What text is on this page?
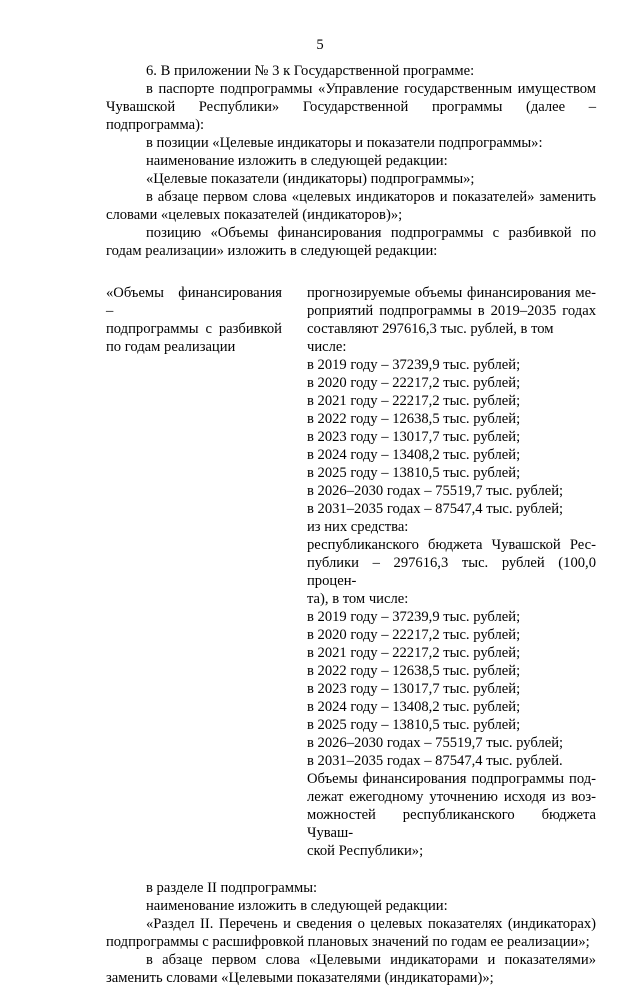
5

6. В приложении № 3 к Государственной программе:

в паспорте подпрограммы «Управление государственным имуществом Чувашской Республики» Государственной программы (далее – подпрограмма):

в позиции «Целевые индикаторы и показатели подпрограммы»:

наименование изложить в следующей редакции:

«Целевые показатели (индикаторы) подпрограммы»;

в абзаце первом слова «целевых индикаторов и показателей» заменить словами «целевых показателей (индикаторов)»;

позицию «Объемы финансирования подпрограммы с разбивкой по годам реализации» изложить в следующей редакции:

«Объемы финансирования –

подпрограммы с разбивкой

по годам реализации

прогнозируемые объемы финансирования ме-

роприятий подпрограммы в 2019–2035 годах

составляют 297616,3 тыс. рублей, в том числе:

в 2019 году – 37239,9 тыс. рублей;

в 2020 году – 22217,2 тыс. рублей;

в 2021 году – 22217,2 тыс. рублей;

в 2022 году – 12638,5 тыс. рублей;

в 2023 году – 13017,7 тыс. рублей;

в 2024 году – 13408,2 тыс. рублей;

в 2025 году – 13810,5 тыс. рублей;

в 2026–2030 годах – 75519,7 тыс. рублей;

в 2031–2035 годах – 87547,4 тыс. рублей;

из них средства:

республиканского бюджета Чувашской Рес-

публики – 297616,3 тыс. рублей (100,0 процен-

та), в том числе:

в 2019 году – 37239,9 тыс. рублей;

в 2020 году – 22217,2 тыс. рублей;

в 2021 году – 22217,2 тыс. рублей;

в 2022 году – 12638,5 тыс. рублей;

в 2023 году – 13017,7 тыс. рублей;

в 2024 году – 13408,2 тыс. рублей;

в 2025 году – 13810,5 тыс. рублей;

в 2026–2030 годах – 75519,7 тыс. рублей;

в 2031–2035 годах – 87547,4 тыс. рублей.

Объемы финансирования подпрограммы под-

лежат ежегодному уточнению исходя из воз-

можностей республиканского бюджета Чуваш-

ской Республики»;

в разделе II подпрограммы:

наименование изложить в следующей редакции:

«Раздел II. Перечень и сведения о целевых показателях (индикаторах) подпрограммы с расшифровкой плановых значений по годам ее реализации»;

в абзаце первом слова «Целевыми индикаторами и показателями» заменить словами «Целевыми показателями (индикаторами)»;
